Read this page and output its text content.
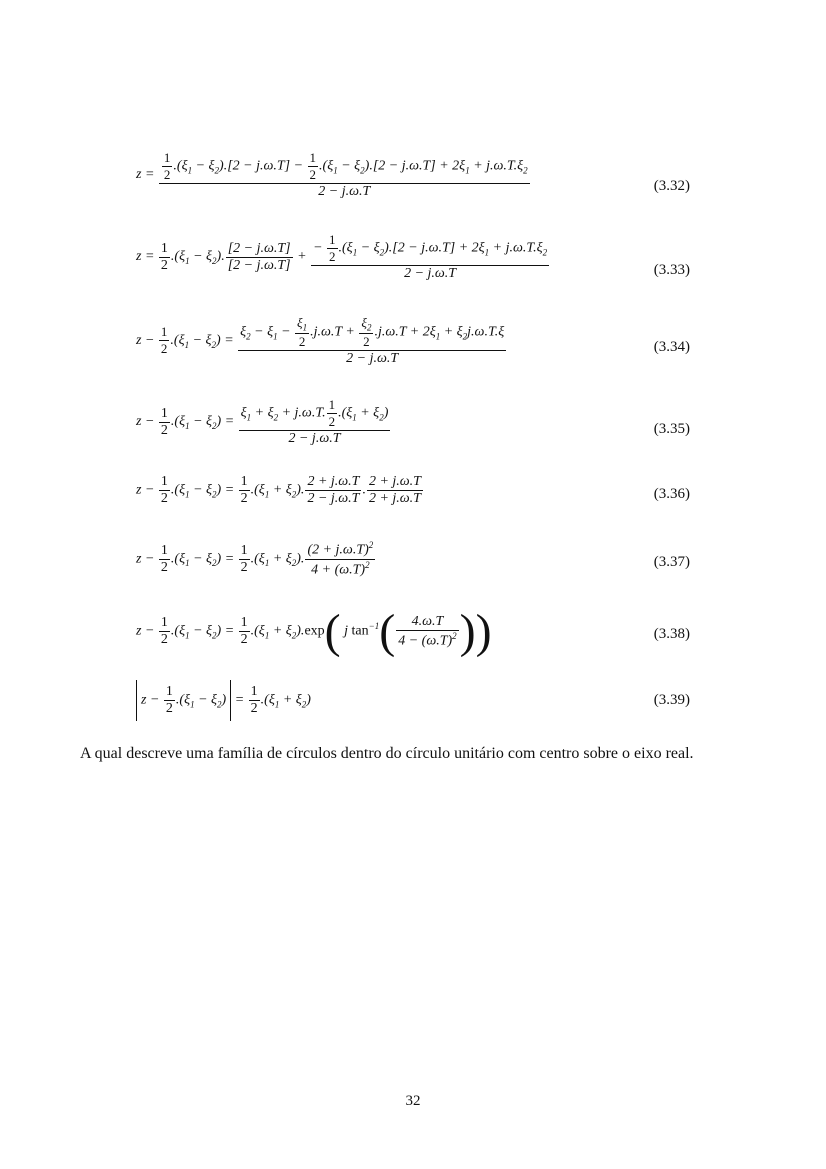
$z = \frac{1}{2} .(\xi_1 - \xi_2).[2 - j.\omega.T] - \frac{1}{2} .(\xi_1 - \xi_2).[2 - j.\omega.T] + 2\xi_1 + j.\omega.T.\xi_2$
2 − j.ω.T	(3.32)
$z = \frac{1}{2} .(\xi_1 - \xi_2)$. $\frac{[2 - j.\omega.T]}{[2 - j.\omega.T]} + \frac{- \frac{1}{2} .(\xi_1 - \xi_2).[2 - j.\omega.T] + 2\xi_1 + j.\omega.T.\xi_2}{2 - j.\omega.T}$	(3.33)
$z - \frac{1}{2} .(\xi_1 - \xi_2) = \frac{\xi_2 - \xi_1 - \frac{\xi_1}{2} .j.\omega.T + \frac{\xi_2}{2} .j.\omega.T + 2\xi_1 + \xi_2j.\omega.T.\xi}{2 - j.\omega.T}$	(3.34)
$z - \frac{1}{2} .(\xi_1 - \xi_2) = \frac{\xi_1 + \xi_2 + j.\omega.T. \frac{1}{2} .(\xi_1 + \xi_2)}{2 - j.\omega.T}$	(3.35)
$z - \frac{1}{2} .(\xi_1 - \xi_2) = \frac{1}{2} .(\xi_1 + \xi_2)$. $\frac{2 + j.\omega.T}{2 - j.\omega.T}$ . $\frac{2 + j.\omega.T}{2 + j.\omega.T}$	(3.36)
$z - \frac{1}{2} .(\xi_1 - \xi_2) = \frac{1}{2} .(\xi_1 + \xi_2)$. $\frac{(2 + j.\omega.T)^2}{4 + (\omega.T)^2}$	(3.37)
$z - \frac{1}{2} .(\xi_1 - \xi_2) = \frac{1}{2} .(\xi_1 + \xi_2).\exp$( j $\tan^{-1}( \frac{4.\omega.T}{4 - (\omega.T)^2}$ ))	(3.38)
$z - \frac{1}{2} .(\xi_1 - \xi_2) = \frac{1}{2} .(\xi_1 + \xi_2)$	(3.39)

A qual descreve uma família de círculos dentro do círculo unitário com centro sobre o eixo real.

32
